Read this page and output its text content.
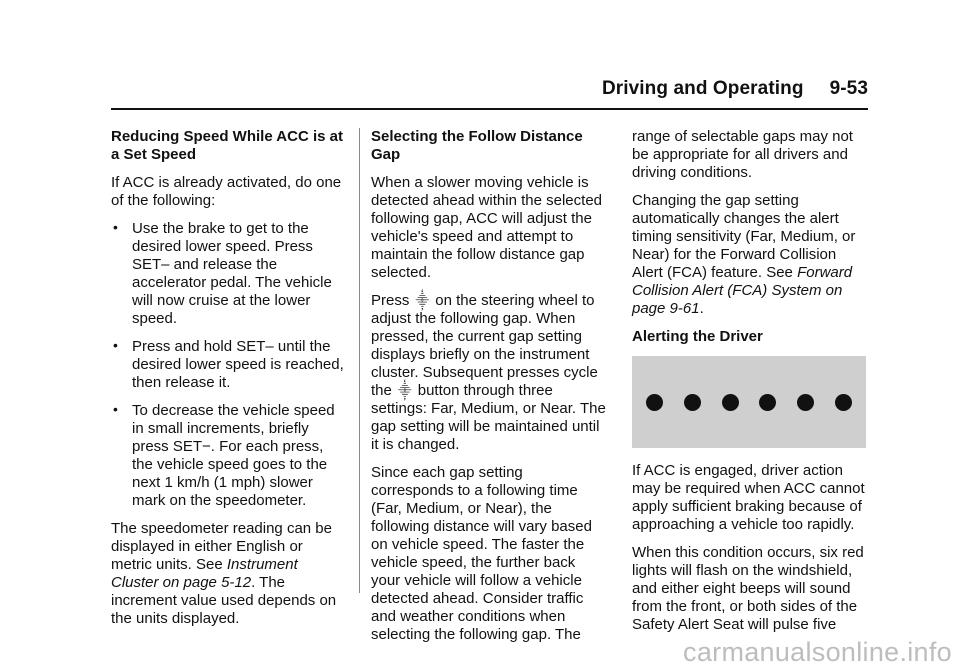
Driving and Operating 9-53

Reducing Speed While ACC is at a Set Speed

If ACC is already activated, do one of the following:

• Use the brake to get to the desired lower speed. Press SET– and release the accelerator pedal. The vehicle will now cruise at the lower speed.
• Press and hold SET– until the desired lower speed is reached, then release it.
• To decrease the vehicle speed in small increments, briefly press SET−. For each press, the vehicle speed goes to the next 1 km/h (1 mph) slower mark on the speedometer.

The speedometer reading can be displayed in either English or metric units. See Instrument Cluster on page 5-12. The increment value used depends on the units displayed.

Selecting the Follow Distance Gap

When a slower moving vehicle is detected ahead within the selected following gap, ACC will adjust the vehicle's speed and attempt to maintain the follow distance gap selected.

Press ⸎ on the steering wheel to adjust the following gap. When pressed, the current gap setting displays briefly on the instrument cluster. Subsequent presses cycle the ⸎ button through three settings: Far, Medium, or Near. The gap setting will be maintained until it is changed.

Since each gap setting corresponds to a following time (Far, Medium, or Near), the following distance will vary based on vehicle speed. The faster the vehicle speed, the further back your vehicle will follow a vehicle detected ahead. Consider traffic and weather conditions when selecting the following gap. The

range of selectable gaps may not be appropriate for all drivers and driving conditions.

Changing the gap setting automatically changes the alert timing sensitivity (Far, Medium, or Near) for the Forward Collision Alert (FCA) feature. See Forward Collision Alert (FCA) System on page 9-61.

Alerting the Driver

If ACC is engaged, driver action may be required when ACC cannot apply sufficient braking because of approaching a vehicle too rapidly.

When this condition occurs, six red lights will flash on the windshield, and either eight beeps will sound from the front, or both sides of the Safety Alert Seat will pulse five

carmanualsonline.info
